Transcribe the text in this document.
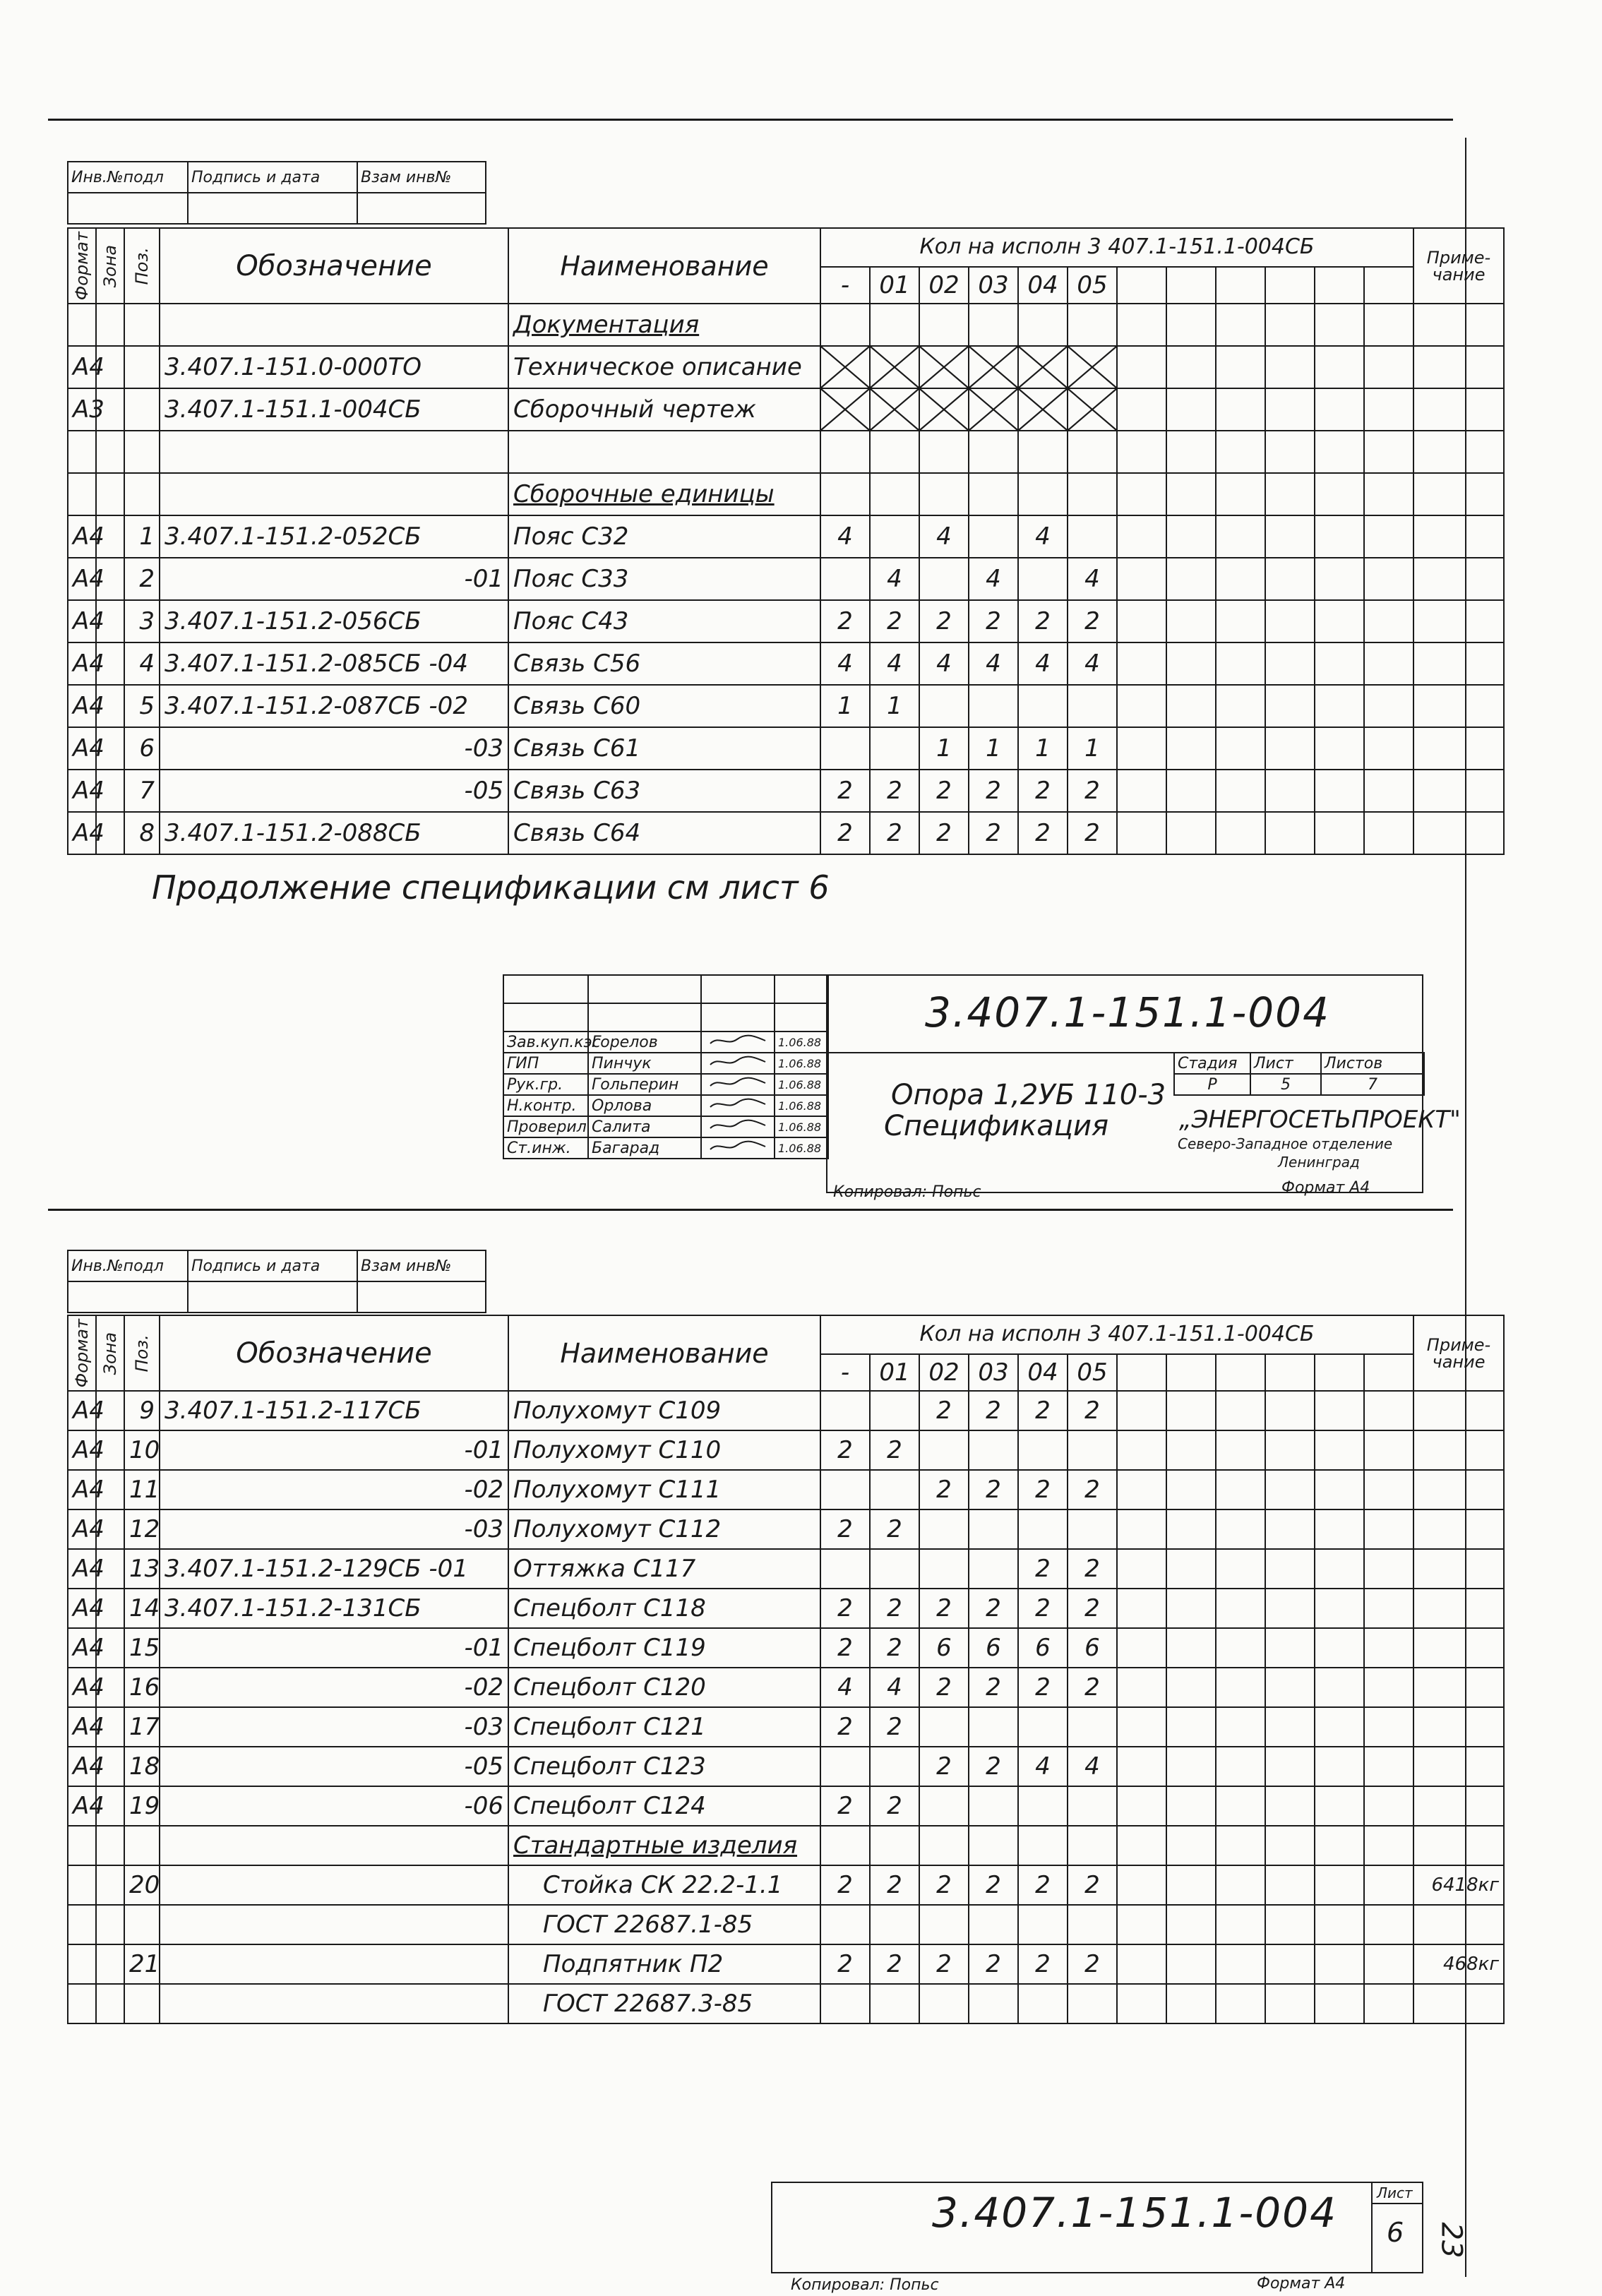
Инв.№подл	Подпись и дата	Взам инв№

Формат	Зона	Поз.	Обозначение	Наименование	Кол на исполн 3 407.1-151.1-004СБ												Приме-чание
					-	01	02	03	04	05							
				Документация													
А4			3.407.1-151.0-000ТО	Техническое описание	

А3			3.407.1-151.1-004СБ	Сборочный чертеж	

				Сборочные единицы													
А4		1	3.407.1-151.2-052СБ	Пояс С32	4		4		4								
А4		2	-01	Пояс С33		4		4		4							
А4		3	3.407.1-151.2-056СБ	Пояс С43	2	2	2	2	2	2							
А4		4	3.407.1-151.2-085СБ -04	Связь С56	4	4	4	4	4	4							
А4		5	3.407.1-151.2-087СБ -02	Связь С60	1	1											
А4		6	-03	Связь С61			1	1	1	1							
А4		7	-05	Связь С63	2	2	2	2	2	2							
А4		8	3.407.1-151.2-088СБ	Связь С64	2	2	2	2	2	2							
Продолжение спецификации см лист 6

Зав.куп.кэс	Горелов		1.06.88
ГИП	Пинчук		1.06.88
Рук.гр.	Гольперин		1.06.88
Н.контр.	Орлова		1.06.88
Проверил	Салита		1.06.88
Ст.инж.	Багарад		1.06.88
3.407.1-151.1-004
Опора 1,2УБ 110-3
Спецификация
Стадия	Лист	Листов
Р	5	7
„ЭНЕРГОСЕТЬПРОЕКТ"
Северо-Западное отделение
Ленинград
Копировал: Попьс	Формат А4
Инв.№подл	Подпись и дата	Взам инв№

Формат	Зона	Поз.	Обозначение	Наименование	Кол на исполн 3 407.1-151.1-004СБ												Приме-чание
					-	01	02	03	04	05							
А4		9	3.407.1-151.2-117СБ	Полухомут С109			2	2	2	2							
А4		10	-01	Полухомут С110	2	2											
А4		11	-02	Полухомут С111			2	2	2	2							
А4		12	-03	Полухомут С112	2	2											
А4		13	3.407.1-151.2-129СБ -01	Оттяжка С117					2	2							
А4		14	3.407.1-151.2-131СБ	Спецболт С118	2	2	2	2	2	2							
А4		15	-01	Спецболт С119	2	2	6	6	6	6							
А4		16	-02	Спецболт С120	4	4	2	2	2	2							
А4		17	-03	Спецболт С121	2	2											
А4		18	-05	Спецболт С123			2	2	4	4							
А4		19	-06	Спецболт С124	2	2											
				Стандартные изделия													
		20		Стойка СК 22.2-1.1	2	2	2	2	2	2							6418кг
				ГОСТ 22687.1-85													
		21		Подпятник П2	2	2	2	2	2	2							468кг
				ГОСТ 22687.3-85													
3.407.1-151.1-004	Лист
6 23
Копировал: Попьс	Формат А4
